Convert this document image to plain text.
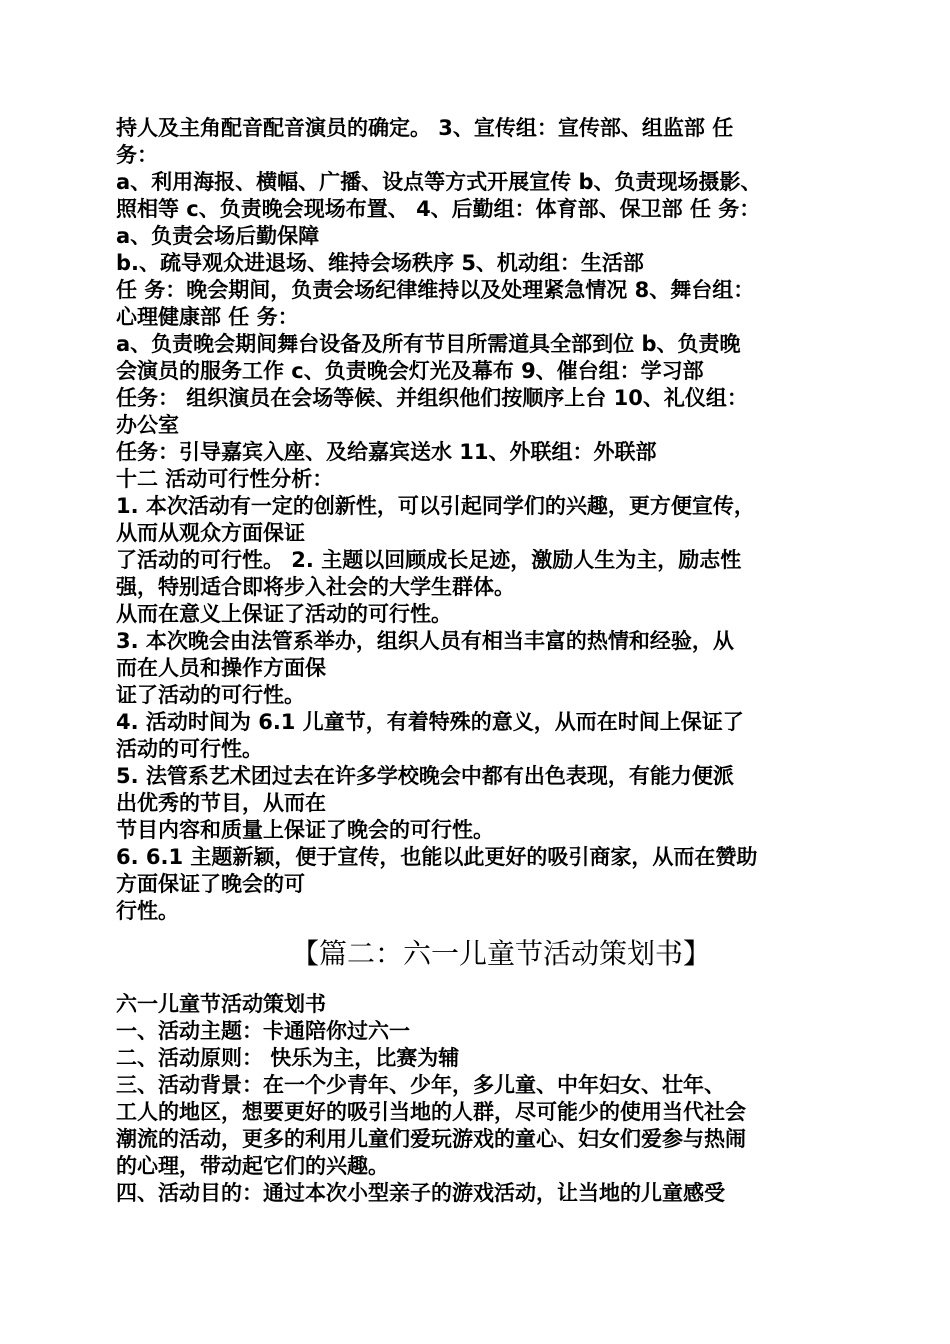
持人及主角配音配音演员的确定。 3、宣传组：宣传部、组监部 任

务：

a、利用海报、横幅、广播、设点等方式开展宣传 b、负责现场摄影、

照相等 c、负责晚会现场布置、 4、后勤组：体育部、保卫部 任 务：

a、负责会场后勤保障

b.、疏导观众进退场、维持会场秩序 5、机动组：生活部

任 务：晚会期间，负责会场纪律维持以及处理紧急情况 8、舞台组：

心理健康部 任 务：

a、负责晚会期间舞台设备及所有节目所需道具全部到位 b、负责晚

会演员的服务工作 c、负责晚会灯光及幕布 9、催台组：学习部

任务： 组织演员在会场等候、并组织他们按顺序上台 10、礼仪组：

办公室

任务：引导嘉宾入座、及给嘉宾送水 11、外联组：外联部

十二 活动可行性分析：

1. 本次活动有一定的创新性，可以引起同学们的兴趣，更方便宣传，

从而从观众方面保证

了活动的可行性。 2. 主题以回顾成长足迹，激励人生为主，励志性

强，特别适合即将步入社会的大学生群体。

从而在意义上保证了活动的可行性。

3. 本次晚会由法管系举办，组织人员有相当丰富的热情和经验，从

而在人员和操作方面保

证了活动的可行性。

4. 活动时间为 6.1 儿童节，有着特殊的意义，从而在时间上保证了

活动的可行性。

5. 法管系艺术团过去在许多学校晚会中都有出色表现，有能力便派

出优秀的节目，从而在

节目内容和质量上保证了晚会的可行性。

6. 6.1 主题新颖，便于宣传，也能以此更好的吸引商家，从而在赞助

方面保证了晚会的可

行性。

【篇二：六一儿童节活动策划书】

六一儿童节活动策划书

一、活动主题：卡通陪你过六一

二、活动原则： 快乐为主，比赛为辅

三、活动背景：在一个少青年、少年，多儿童、中年妇女、壮年、

工人的地区，想要更好的吸引当地的人群，尽可能少的使用当代社会

潮流的活动，更多的利用儿童们爱玩游戏的童心、妇女们爱参与热闹

的心理，带动起它们的兴趣。

四、活动目的：通过本次小型亲子的游戏活动，让当地的儿童感受
